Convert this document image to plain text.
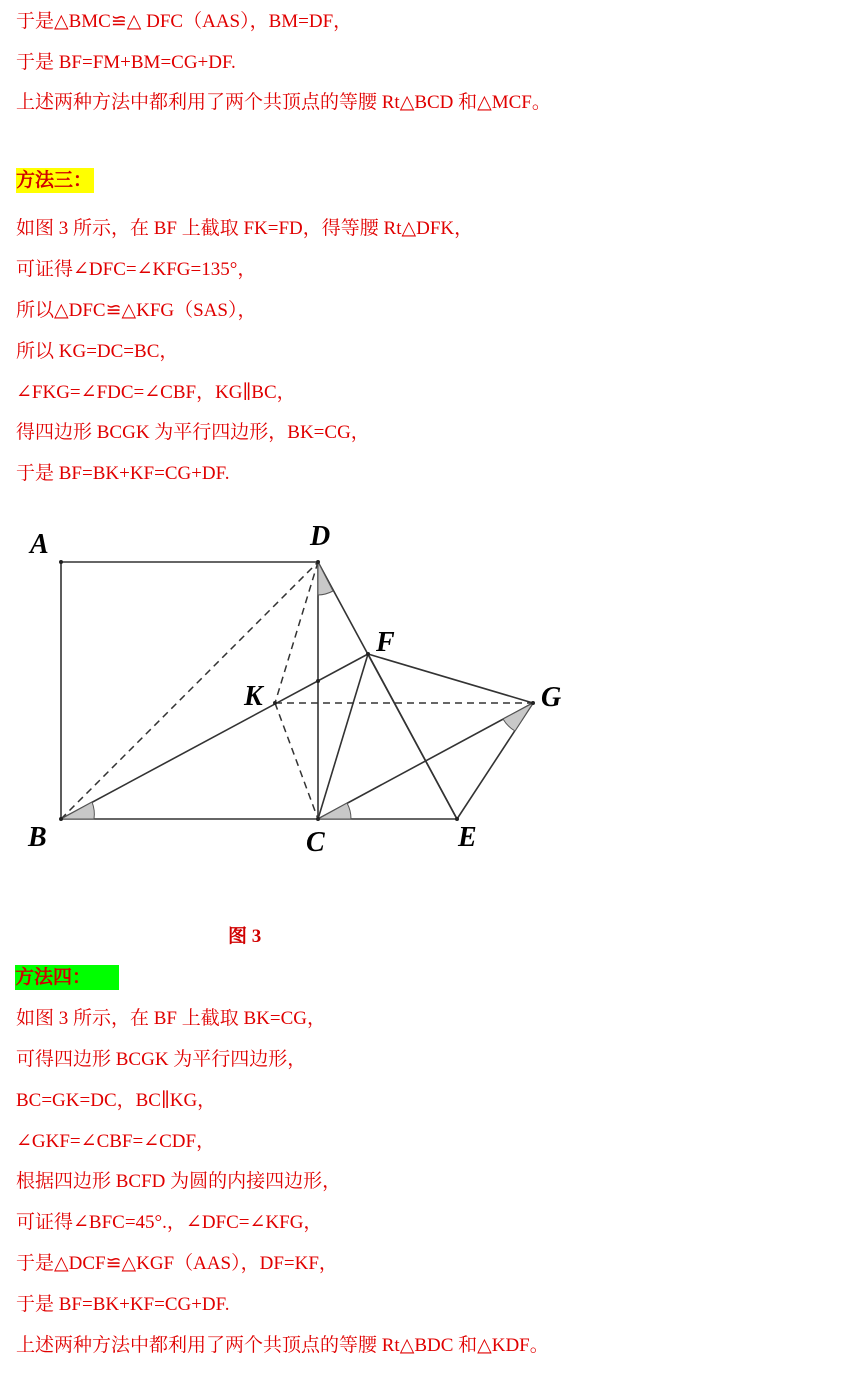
于是△BMC≌△ DFC（AAS），BM=DF，
于是 BF=FM+BM=CG+DF.
上述两种方法中都利用了两个共顶点的等腰 Rt△BCD 和△MCF。
方法三：
如图 3 所示，在 BF 上截取 FK=FD，得等腰 Rt△DFK，
可证得∠DFC=∠KFG=135°，
所以△DFC≌△KFG（SAS），
所以 KG=DC=BC，
∠FKG=∠FDC=∠CBF，KG∥BC，
得四边形 BCGK 为平行四边形，BK=CG，
于是 BF=BK+KF=CG+DF.
A	D
F
K	G
B	C	E
图 3
方法四：
如图 3 所示，在 BF 上截取 BK=CG，
可得四边形 BCGK 为平行四边形，
BC=GK=DC，BC∥KG，
∠GKF=∠CBF=∠CDF，
根据四边形 BCFD 为圆的内接四边形，
可证得∠BFC=45°.，∠DFC=∠KFG，
于是△DCF≌△KGF（AAS），DF=KF，
于是 BF=BK+KF=CG+DF.
上述两种方法中都利用了两个共顶点的等腰 Rt△BDC 和△KDF。
